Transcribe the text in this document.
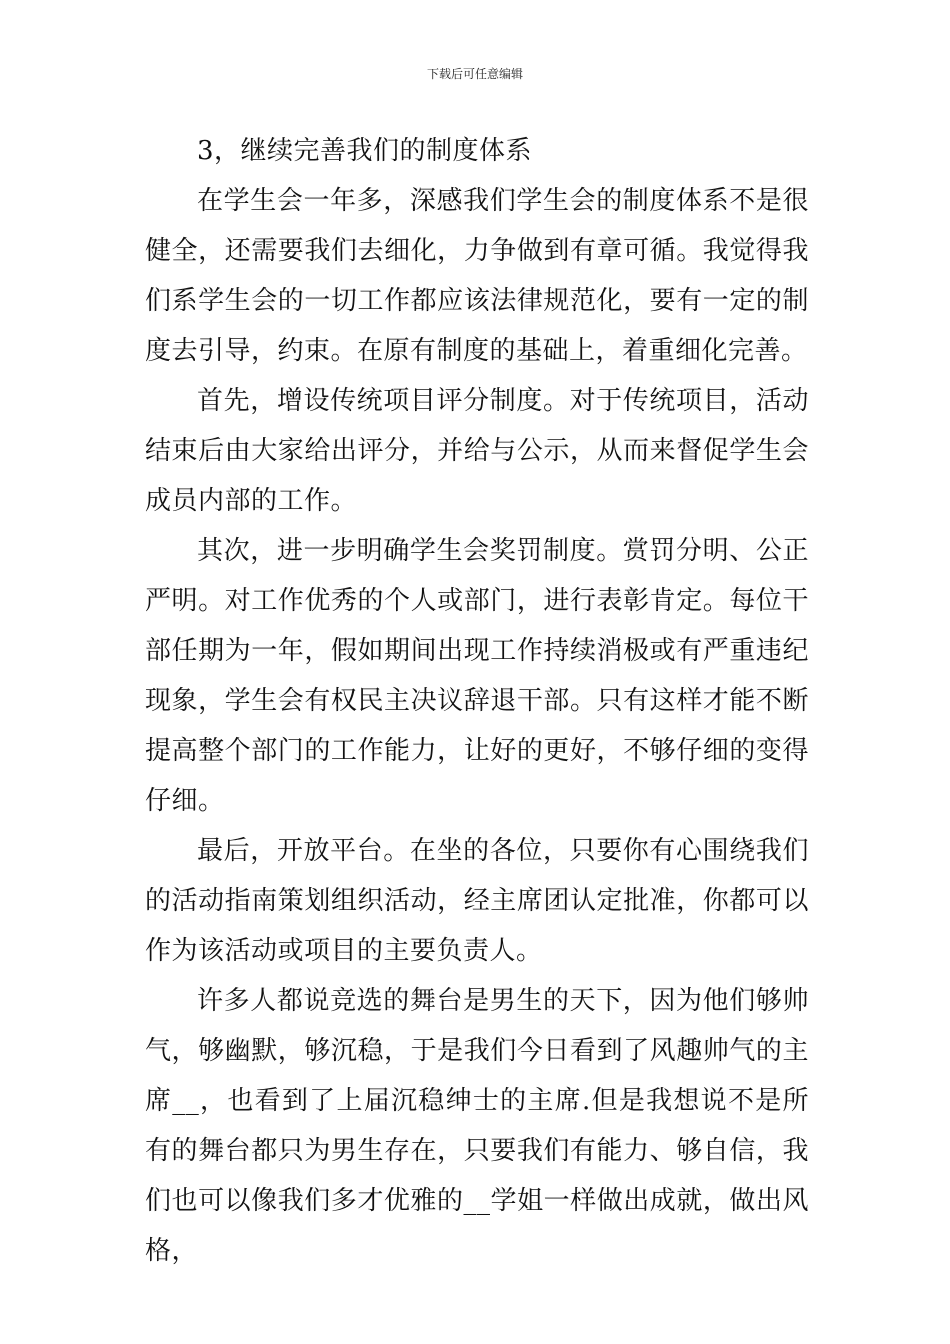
下载后可任意编辑

3，继续完善我们的制度体系

在学生会一年多，深感我们学生会的制度体系不是很健全，还需要我们去细化，力争做到有章可循。我觉得我们系学生会的一切工作都应该法律规范化，要有一定的制度去引导，约束。在原有制度的基础上，着重细化完善。

首先，增设传统项目评分制度。对于传统项目，活动结束后由大家给出评分，并给与公示，从而来督促学生会成员内部的工作。

其次，进一步明确学生会奖罚制度。赏罚分明、公正严明。对工作优秀的个人或部门，进行表彰肯定。每位干部任期为一年，假如期间出现工作持续消极或有严重违纪现象，学生会有权民主决议辞退干部。只有这样才能不断提高整个部门的工作能力，让好的更好，不够仔细的变得仔细。

最后，开放平台。在坐的各位，只要你有心围绕我们的活动指南策划组织活动，经主席团认定批准，你都可以作为该活动或项目的主要负责人。

许多人都说竞选的舞台是男生的天下，因为他们够帅气，够幽默，够沉稳，于是我们今日看到了风趣帅气的主席__，也看到了上届沉稳绅士的主席.但是我想说不是所有的舞台都只为男生存在，只要我们有能力、够自信，我们也可以像我们多才优雅的__学姐一样做出成就，做出风格，
